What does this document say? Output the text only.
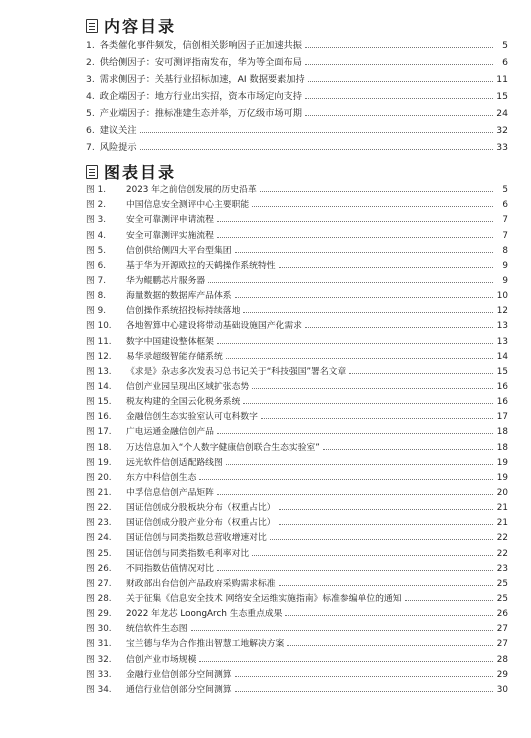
内容目录
1. 各类催化事件频发，信创相关影响因子正加速共振	5
2. 供给侧因子：安可测评指南发布，华为等全面布局	6
3. 需求侧因子：关基行业招标加速，AI 数据要素加持	11
4. 政企端因子：地方行业出实招，资本市场定向支持	15
5. 产业端因子：推标准建生态并举，万亿级市场可期	24
6. 建议关注	32
7. 风险提示	33
图表目录
图 1.	2023 年之前信创发展的历史沿革	5
图 2.	中国信息安全测评中心主要职能	6
图 3.	安全可靠测评申请流程	7
图 4.	安全可靠测评实施流程	7
图 5.	信创供给侧四大平台型集团	8
图 6.	基于华为开源欧拉的天鹤操作系统特性	9
图 7.	华为鲲鹏芯片服务器	9
图 8.	海量数据的数据库产品体系	10
图 9.	信创操作系统招投标持续落地	12
图 10.	各地智算中心建设将带动基础设施国产化需求	13
图 11.	数字中国建设整体框架	13
图 12.	易华录超级智能存储系统	14
图 13.	《求是》杂志多次发表习总书记关于“科技强国”署名文章	15
图 14.	信创产业园呈现出区域扩张态势	16
图 15.	税友构建的全国云化税务系统	16
图 16.	金融信创生态实验室认可屯科数字	17
图 17.	广电运通金融信创产品	18
图 18.	万达信息加入“个人数字健康信创联合生态实验室”	18
图 19.	远光软件信创适配路线图	19
图 20.	东方中科信创生态	19
图 21.	中孚信息信创产品矩阵	20
图 22.	国证信创成分股板块分布（权重占比）	21
图 23.	国证信创成分股产业分布（权重占比）	21
图 24.	国证信创与同类指数总营收增速对比	22
图 25.	国证信创与同类指数毛利率对比	22
图 26.	不同指数估值情况对比	23
图 27.	财政部出台信创产品政府采购需求标准	25
图 28.	关于征集《信息安全技术 网络安全运维实施指南》标准参编单位的通知	25
图 29.	2022 年龙芯 LoongArch 生态重点成果	26
图 30.	统信软件生态图	27
图 31.	宝兰德与华为合作推出智慧工地解决方案	27
图 32.	信创产业市场规模	28
图 33.	金融行业信创部分空间测算	29
图 34.	通信行业信创部分空间测算	30
